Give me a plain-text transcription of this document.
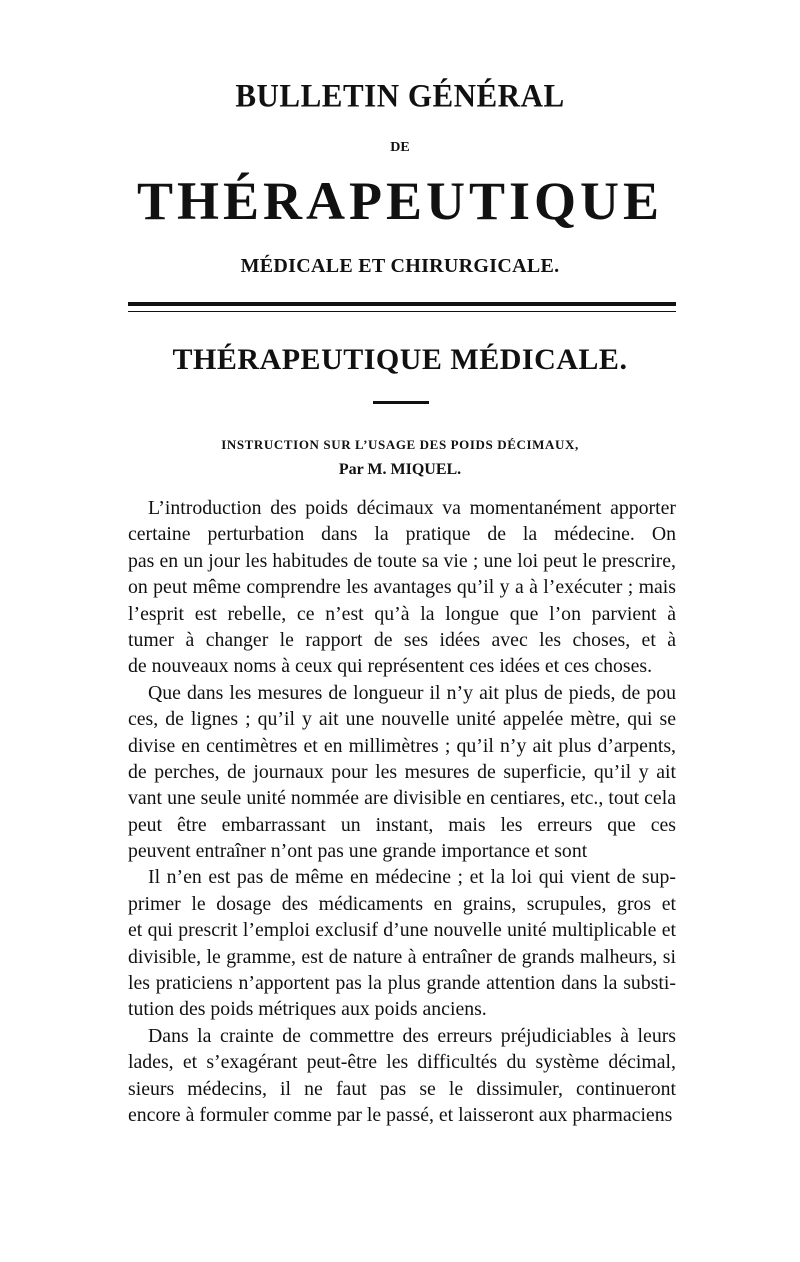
BULLETIN GÉNÉRAL
DE
THÉRAPEUTIQUE
MÉDICALE ET CHIRURGICALE.
THÉRAPEUTIQUE MÉDICALE.
INSTRUCTION SUR L’USAGE DES POIDS DÉCIMAUX,
Par M. MIQUEL.
L’introduction des poids décimaux va momentanément apporter
certaine perturbation dans la pratique de la médecine. On
pas en un jour les habitudes de toute sa vie ; une loi peut le prescrire,
on peut même comprendre les avantages qu’il y a à l’exécuter ; mais
l’esprit est rebelle, ce n’est qu’à la longue que l’on parvient à
tumer à changer le rapport de ses idées avec les choses, et à
de nouveaux noms à ceux qui représentent ces idées et ces choses.
Que dans les mesures de longueur il n’y ait plus de pieds, de pou
ces, de lignes ; qu’il y ait une nouvelle unité appelée mètre, qui se
divise en centimètres et en millimètres ; qu’il n’y ait plus d’arpents,
de perches, de journaux pour les mesures de superficie, qu’il y ait
vant une seule unité nommée are divisible en centiares, etc., tout cela
peut être embarrassant un instant, mais les erreurs que ces
peuvent entraîner n’ont pas une grande importance et sont
Il n’en est pas de même en médecine ; et la loi qui vient de sup-
primer le dosage des médicaments en grains, scrupules, gros et
et qui prescrit l’emploi exclusif d’une nouvelle unité multiplicable et
divisible, le gramme, est de nature à entraîner de grands malheurs, si
les praticiens n’apportent pas la plus grande attention dans la substi-
tution des poids métriques aux poids anciens.
Dans la crainte de commettre des erreurs préjudiciables à leurs
lades, et s’exagérant peut-être les difficultés du système décimal,
sieurs médecins, il ne faut pas se le dissimuler, continueront
encore à formuler comme par le passé, et laisseront aux pharmaciens
